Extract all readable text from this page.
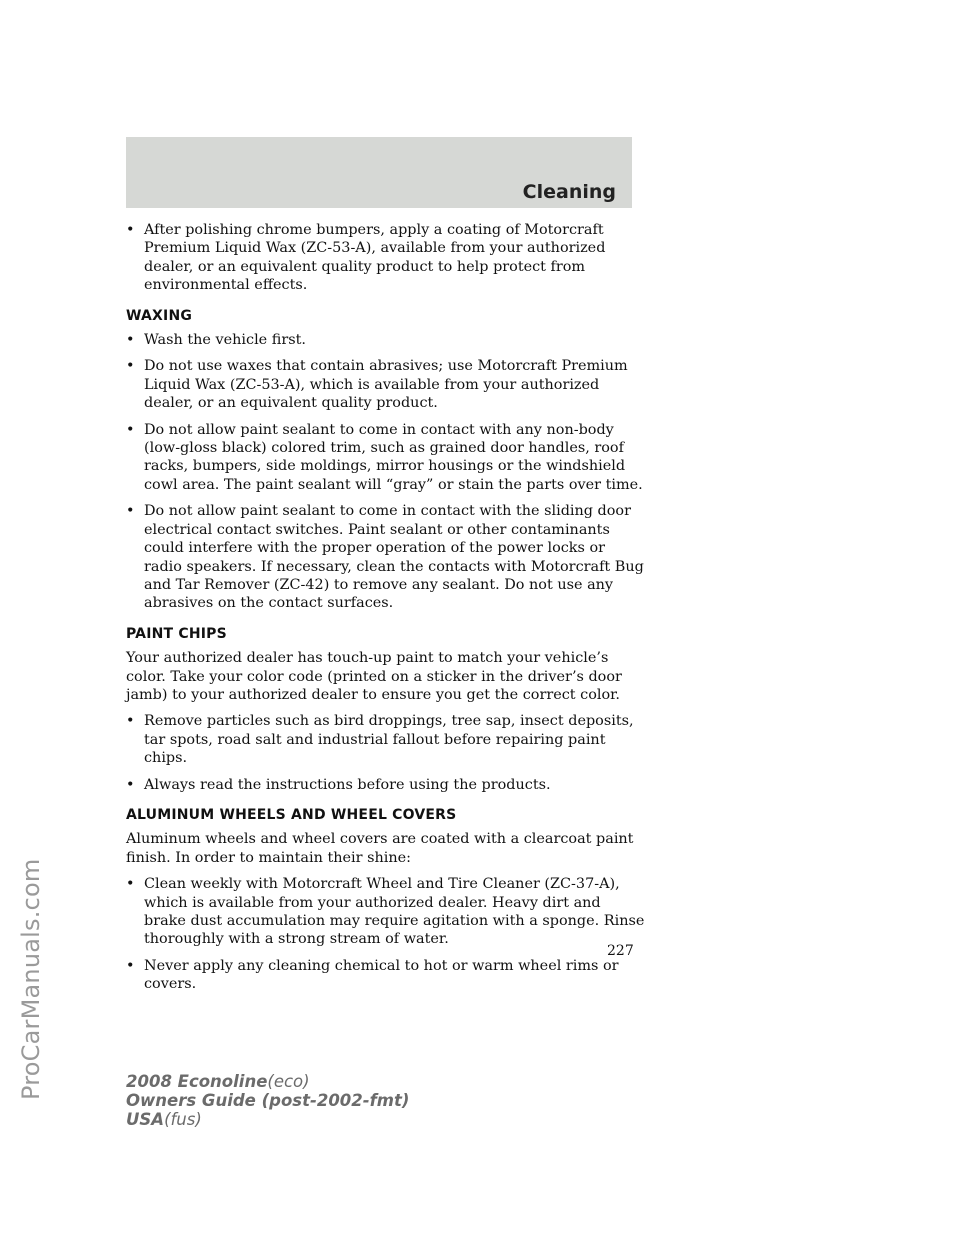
Cleaning
ProCarManuals.com
• After polishing chrome bumpers, apply a coating of Motorcraft Premium Liquid Wax (ZC-53-A), available from your authorized dealer, or an equivalent quality product to help protect from environmental effects.
WAXING
• Wash the vehicle first.
• Do not use waxes that contain abrasives; use Motorcraft Premium Liquid Wax (ZC-53-A), which is available from your authorized dealer, or an equivalent quality product.
• Do not allow paint sealant to come in contact with any non-body (low-gloss black) colored trim, such as grained door handles, roof racks, bumpers, side moldings, mirror housings or the windshield cowl area. The paint sealant will “gray” or stain the parts over time.
• Do not allow paint sealant to come in contact with the sliding door electrical contact switches. Paint sealant or other contaminants could interfere with the proper operation of the power locks or radio speakers. If necessary, clean the contacts with Motorcraft Bug and Tar Remover (ZC-42) to remove any sealant. Do not use any abrasives on the contact surfaces.
PAINT CHIPS

Your authorized dealer has touch-up paint to match your vehicle’s color. Take your color code (printed on a sticker in the driver’s door jamb) to your authorized dealer to ensure you get the correct color.

• Remove particles such as bird droppings, tree sap, insect deposits, tar spots, road salt and industrial fallout before repairing paint chips.
• Always read the instructions before using the products.
ALUMINUM WHEELS AND WHEEL COVERS

Aluminum wheels and wheel covers are coated with a clearcoat paint finish. In order to maintain their shine:

• Clean weekly with Motorcraft Wheel and Tire Cleaner (ZC-37-A), which is available from your authorized dealer. Heavy dirt and brake dust accumulation may require agitation with a sponge. Rinse thoroughly with a strong stream of water.
• Never apply any cleaning chemical to hot or warm wheel rims or covers.
227
2008 Econoline(eco)
Owners Guide (post-2002-fmt)
USA(fus)
